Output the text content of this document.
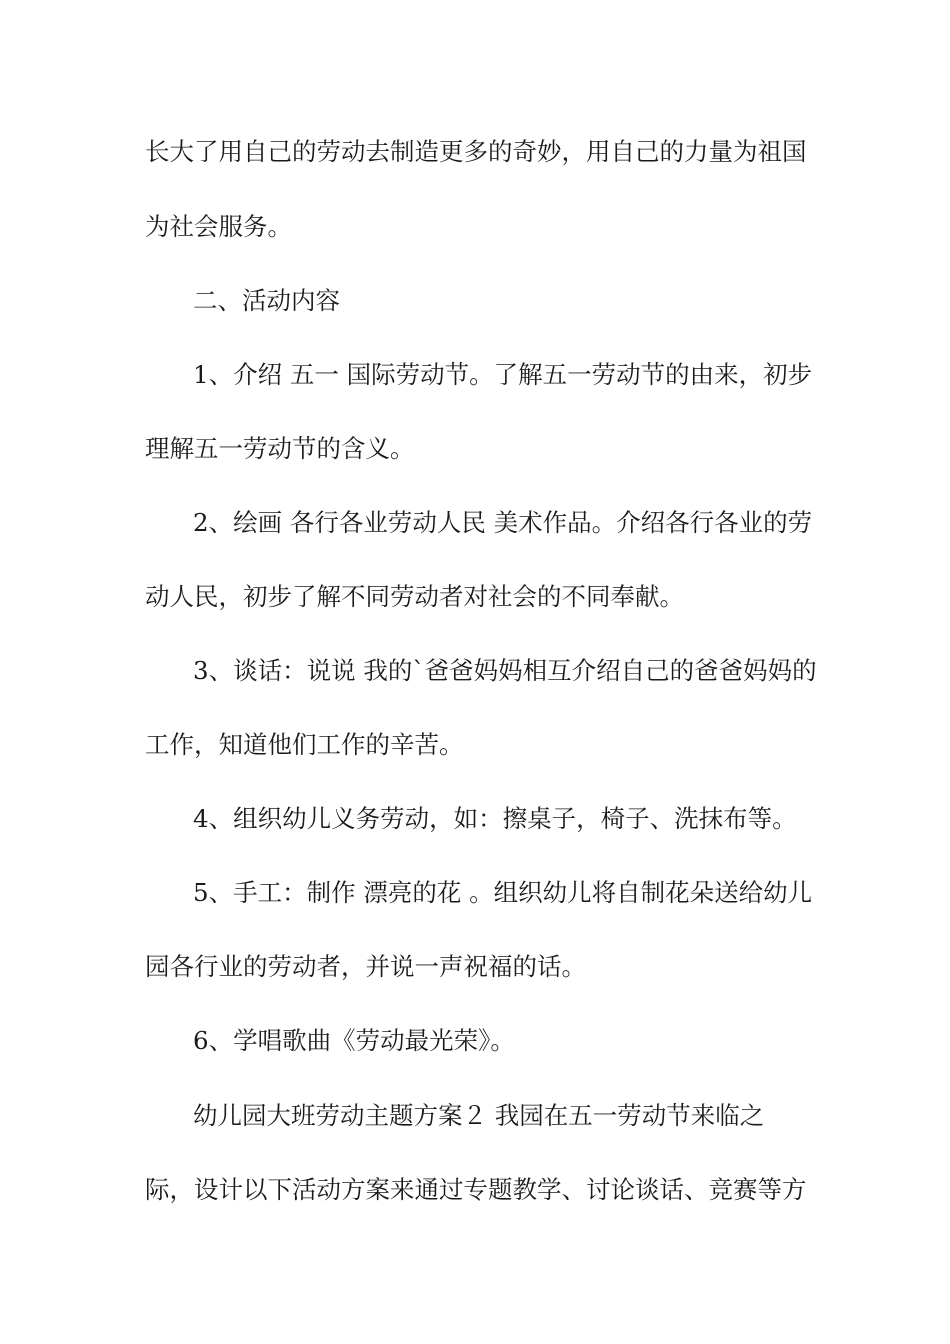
长大了用自己的劳动去制造更多的奇妙，用自己的力量为祖国
为社会服务。
二、活动内容
1、介绍 五一 国际劳动节。了解五一劳动节的由来，初步
理解五一劳动节的含义。
2、绘画 各行各业劳动人民 美术作品。介绍各行各业的劳
动人民，初步了解不同劳动者对社会的不同奉献。
3、谈话：说说 我的`爸爸妈妈相互介绍自己的爸爸妈妈的
工作，知道他们工作的辛苦。
4、组织幼儿义务劳动，如：擦桌子，椅子、洗抹布等。
5、手工：制作 漂亮的花 。组织幼儿将自制花朵送给幼儿
园各行业的劳动者，并说一声祝福的话。
6、学唱歌曲《劳动最光荣》。
幼儿园大班劳动主题方案２ 我园在五一劳动节来临之
际，设计以下活动方案来通过专题教学、讨论谈话、竞赛等方
